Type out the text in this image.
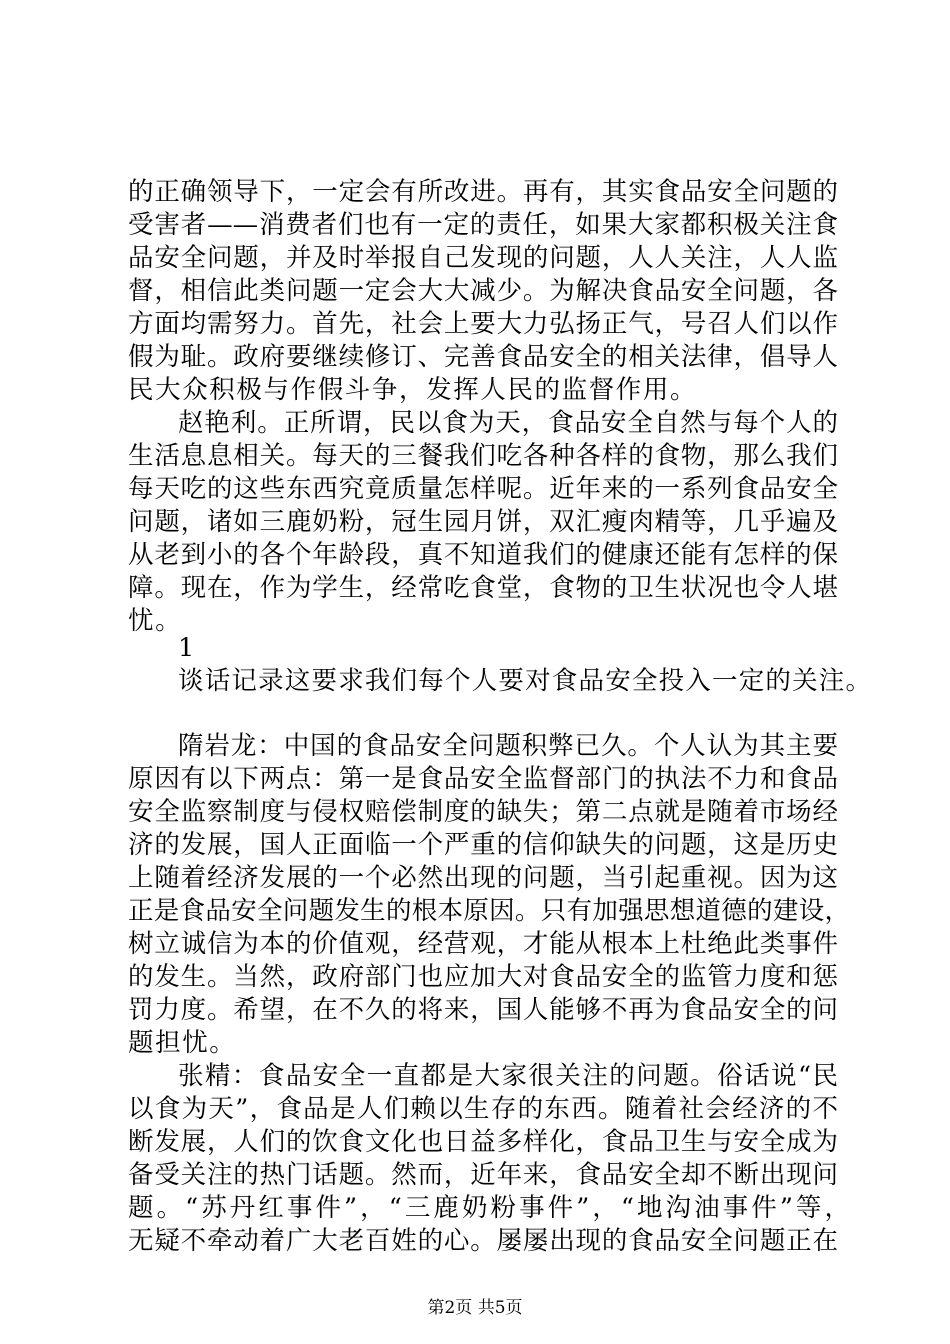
的正确领导下，一定会有所改进。再有，其实食品安全问题的
受害者——消费者们也有一定的责任，如果大家都积极关注食
品安全问题，并及时举报自己发现的问题，人人关注，人人监
督，相信此类问题一定会大大减少。为解决食品安全问题，各
方面均需努力。首先，社会上要大力弘扬正气，号召人们以作
假为耻。政府要继续修订、完善食品安全的相关法律，倡导人
民大众积极与作假斗争，发挥人民的监督作用。
赵艳利。正所谓，民以食为天，食品安全自然与每个人的
生活息息相关。每天的三餐我们吃各种各样的食物，那么我们
每天吃的这些东西究竟质量怎样呢。近年来的一系列食品安全
问题，诸如三鹿奶粉，冠生园月饼，双汇瘦肉精等，几乎遍及
从老到小的各个年龄段，真不知道我们的健康还能有怎样的保
障。现在，作为学生，经常吃食堂，食物的卫生状况也令人堪
忧。
1
谈话记录这要求我们每个人要对食品安全投入一定的关注。
隋岩龙：中国的食品安全问题积弊已久。个人认为其主要
原因有以下两点：第一是食品安全监督部门的执法不力和食品
安全监察制度与侵权赔偿制度的缺失；第二点就是随着市场经
济的发展，国人正面临一个严重的信仰缺失的问题，这是历史
上随着经济发展的一个必然出现的问题，当引起重视。因为这
正是食品安全问题发生的根本原因。只有加强思想道德的建设，
树立诚信为本的价值观，经营观，才能从根本上杜绝此类事件
的发生。当然，政府部门也应加大对食品安全的监管力度和惩
罚力度。希望，在不久的将来，国人能够不再为食品安全的问
题担忧。
张精：食品安全一直都是大家很关注的问题。俗话说“民
以食为天”，食品是人们赖以生存的东西。随着社会经济的不
断发展，人们的饮食文化也日益多样化，食品卫生与安全成为
备受关注的热门话题。然而，近年来，食品安全却不断出现问
题。“苏丹红事件”，“三鹿奶粉事件”，“地沟油事件”等，
无疑不牵动着广大老百姓的心。屡屡出现的食品安全问题正在
第2页 共5页
